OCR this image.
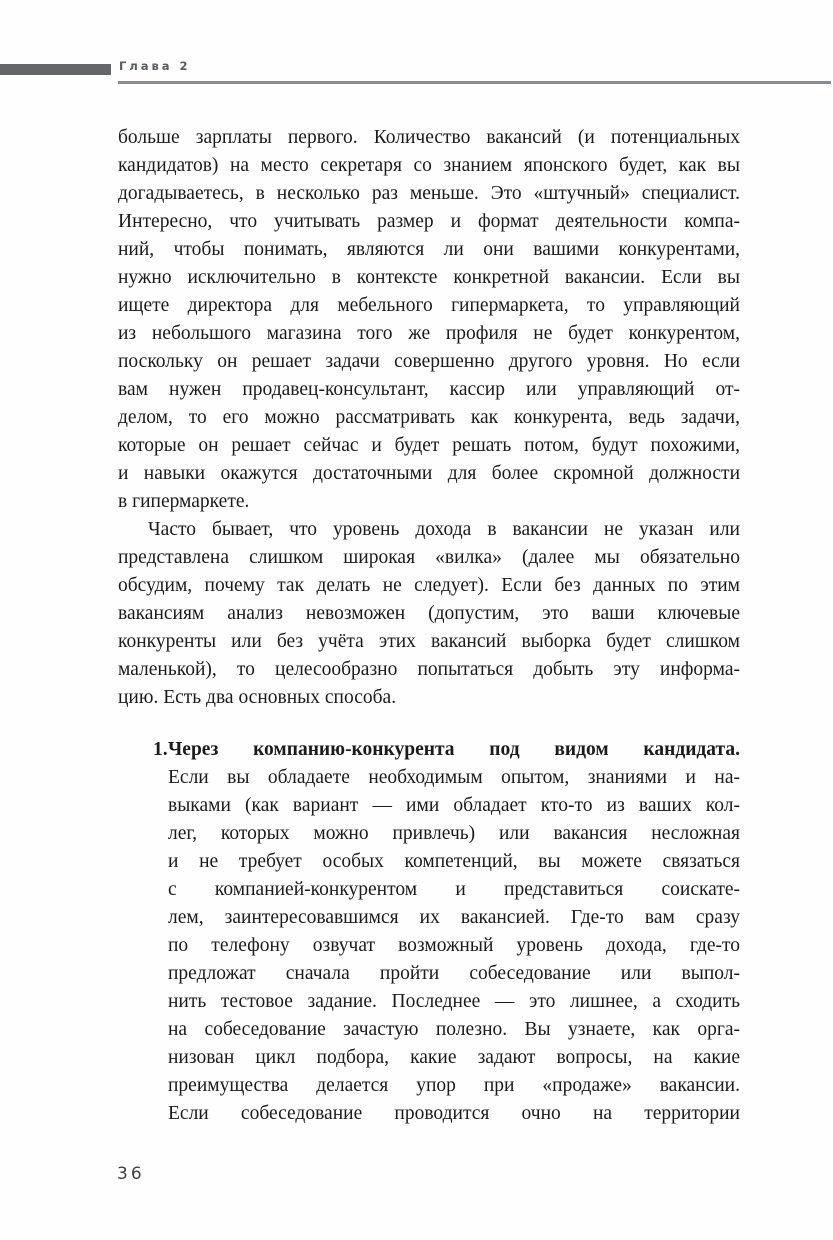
Глава 2
больше зарплаты первого. Количество вакансий (и потенциальных
кандидатов) на место секретаря со знанием японского будет, как вы
догадываетесь, в несколько раз меньше. Это «штучный» специалист.
Интересно, что учитывать размер и формат деятельности компа-
ний, чтобы понимать, являются ли они вашими конкурентами,
нужно исключительно в контексте конкретной вакансии. Если вы
ищете директора для мебельного гипермаркета, то управляющий
из небольшого магазина того же профиля не будет конкурентом,
поскольку он решает задачи совершенно другого уровня. Но если
вам нужен продавец-консультант, кассир или управляющий от-
делом, то его можно рассматривать как конкурента, ведь задачи,
которые он решает сейчас и будет решать потом, будут похожими,
и навыки окажутся достаточными для более скромной должности
в гипермаркете.
Часто бывает, что уровень дохода в вакансии не указан или
представлена слишком широкая «вилка» (далее мы обязательно
обсудим, почему так делать не следует). Если без данных по этим
вакансиям анализ невозможен (допустим, это ваши ключевые
конкуренты или без учёта этих вакансий выборка будет слишком
маленькой), то целесообразно попытаться добыть эту информа-
цию. Есть два основных способа.
1. Через компанию-конкурента под видом кандидата.
Если вы обладаете необходимым опытом, знаниями и на-
выками (как вариант — ими обладает кто-то из ваших кол-
лег, которых можно привлечь) или вакансия несложная
и не требует особых компетенций, вы можете связаться
с компанией-конкурентом и представиться соискате-
лем, заинтересовавшимся их вакансией. Где-то вам сразу
по телефону озвучат возможный уровень дохода, где-то
предложат сначала пройти собеседование или выпол-
нить тестовое задание. Последнее — это лишнее, а сходить
на собеседование зачастую полезно. Вы узнаете, как орга-
низован цикл подбора, какие задают вопросы, на какие
преимущества делается упор при «продаже» вакансии.
Если собеседование проводится очно на территории
36
